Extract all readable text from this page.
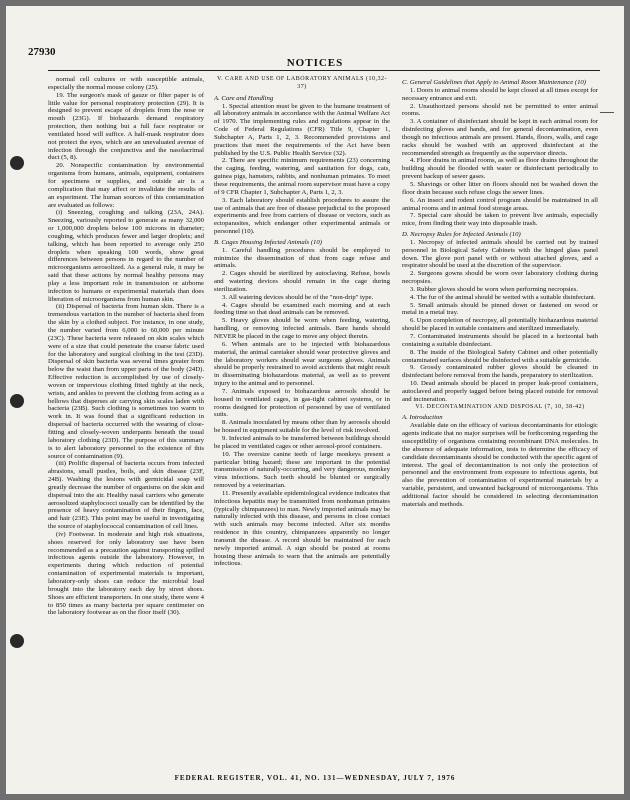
27930
NOTICES

normal cell cultures or with susceptible animals, especially the normal mouse colony (25).

19. The surgeon's mask of gauze or filter paper is of little value for personal respiratory protection (29). It is designed to prevent escape of droplets from the nose or mouth (23G). If biohazards demand respiratory protection, then nothing but a full face respirator or ventilated hood will suffice. A half-mask respirator does not protect the eyes, which are an unevaluated avenue of infection through the conjunctiva and the nasolacrimal duct (5, 8).

20. Nonspecific contamination by environmental organisms from humans, animals, equipment, containers for specimens or supplies, and outside air is a complication that may affect or invalidate the results of an experiment. The human sources of this contamination are evaluated as follows:

(i) Sneezing, coughing and talking (23A, 24A). Sneezing, variously reported to generate as many 32,000 or 1,000,000 droplets below 100 microns in diameter; coughing, which produces fewer and larger droplets; and talking, which has been reported to average only 250 droplets when speaking 100 words, show great differences between persons in regard to the number of microorganisms aerosolized. As a general rule, it may be said that these actions by normal healthy persons may play a less important role in transmission or airborne infection to humans or experimental materials than does liberation of microorganisms from human skin.

(ii) Dispersal of bacteria from human skin. There is a tremendous variation in the number of bacteria shed from the skin by a clothed subject. For instance, in one study, the number varied from 6,000 to 60,000 per minute (23C). These bacteria were released on skin scales which were of a size that could penetrate the coarse fabric used for the laboratory and surgical clothing in the test (23D). Dispersal of skin bacteria was several times greater from below the waist than from upper parts of the body (24D). Effective reduction is accomplished by use of closely-woven or impervious clothing fitted tightly at the neck, wrists, and ankles to prevent the clothing from acting as a bellows that disperses air carrying skin scales laden with bacteria (23B). Such clothing is sometimes too warm to work in. It was found that a significant reduction in dispersal of bacteria occurred with the wearing of close-fitting and closely-woven underpants beneath the usual laboratory clothing (23D). The purpose of this summary is to alert laboratory personnel to the existence of this source of contamination (9).

(iii) Prolific dispersal of bacteria occurs from infected abrasions, small pustles, boils, and skin disease (23F, 24B). Washing the lesions with germicidal soap will greatly decrease the number of organisms on the skin and dispersal into the air. Healthy nasal carriers who generate aerosolized staphylococci usually can be identified by the presence of heavy contamination of their fingers, face, and hair (23E). This point may be useful in investigating the source of staphylococcal contamination of cell lines.

(iv) Footwear. In moderate and high risk situations, shoes reserved for only laboratory use have been recommended as a precaution against transporting spilled infectious agents outside the laboratory. However, in experiments during which reduction of potential contamination of experimental materials is important, laboratory-only shoes can reduce the microbial load brought into the laboratory each day by street shoes. Shoes are efficient transporters. In one study, there were 4 to 850 times as many bacteria per square centimeter on the laboratory footwear as on the floor itself (30).

V. CARE AND USE OF LABORATORY ANIMALS (10,32-37)

A. Care and Handling

1. Special attention must be given to the humane treatment of all laboratory animals in accordance with the Animal Welfare Act of 1970. The implementing rules and regulations appear in the Code of Federal Regulations (CFR) Title 9, Chapter 1, Subchapter A, Parts 1, 2, 3. Recommended provisions and practices that meet the requirements of the Act have been published by the U.S. Public Health Service (32).

2. There are specific minimum requirements (23) concerning the caging, feeding, watering, and sanitation for dogs, cats, guinea pigs, hamsters, rabbits, and nonhuman primates. To meet these requirements, the animal room supervisor must have a copy of 9 CFR Chapter 1, Subchapter A, Parts 1, 2, 3.

3. Each laboratory should establish procedures to assure the use of animals that are free of disease prejudicial to the proposed experiments and free from carriers of disease or vectors, such as ectoparasites, which endanger other experimental animals or personnel (10).

B. Cages Housing Infected Animals (10)

1. Careful handling procedures should be employed to minimize the dissemination of dust from cage refuse and animals.

2. Cages should be sterilized by autoclaving. Refuse, bowls and watering devices should remain in the cage during sterilization.

3. All watering devices should be of the "non-drip" type.

4. Cages should be examined each morning and at each feeding time so that dead animals can be removed.

5. Heavy gloves should be worn when feeding, watering, handling, or removing infected animals. Bare hands should NEVER be placed in the cage to move any object therein.

6. When animals are to be injected with biohazardous material, the animal caretaker should wear protective gloves and the laboratory workers should wear surgeons gloves. Animals should be properly restrained to avoid accidents that might result in disseminating biohazardous material, as well as to prevent injury to the animal and to personnel.

7. Animals exposed to biohazardous aerosols should be housed in ventilated cages, in gas-tight cabinet systems, or in rooms designed for protection of personnel by use of ventilated suits.

8. Animals inoculated by means other than by aerosols should be housed in equipment suitable for the level of risk involved.

9. Infected animals to be transferred between buildings should be placed in ventilated cages or other aerosol-proof containers.

10. The oversize canine teeth of large monkeys present a particular biting hazard; these are important in the potential transmission of naturally-occurring, and very dangerous, monkey virus infections. Such teeth should be blunted or surgically removed by a veterinarian.

11. Presently available epidemiological evidence indicates that infectious hepatitis may be transmitted from nonhuman primates (typically chimpanzees) to man. Newly imported animals may be naturally infected with this disease, and persons in close contact with such animals may become infected. After six months residence in this country, chimpanzees apparently no longer transmit the disease. A record should be maintained for each newly imported animal. A sign should be posted at rooms housing these animals to warn that the animals are potentially infectious.

C. General Guidelines that Apply to Animal Room Maintenance (10)

1. Doors to animal rooms should be kept closed at all times except for necessary entrance and exit.

2. Unauthorized persons should not be permitted to enter animal rooms.

3. A container of disinfectant should be kept in each animal room for disinfecting gloves and hands, and for general decontamination, even though no infectious animals are present. Hands, floors, walls, and cage racks should be washed with an approved disinfectant at the recommended strength as frequently as the supervisor directs.

4. Floor drains in animal rooms, as well as floor drains throughout the building should be flooded with water or disinfectant periodically to prevent backup of sewer gases.

5. Shavings or other litter on floors should not be washed down the floor drain because such refuse clogs the sewer lines.

6. An insect and rodent control program should be maintained in all animal rooms and in animal food storage areas.

7. Special care should be taken to prevent live animals, especially mice, from finding their way into disposable trash.

D. Necropsy Rules for Infected Animals (10)

1. Necropsy of infected animals should be carried out by trained personnel in Biological Safety Cabinets with the hinged glass panel down. The glove port panel with or without attached gloves, and a respirator should be used at the discretion of the supervisor.

2. Surgeons gowns should be worn over laboratory clothing during necropsies.

3. Rubber gloves should be worn when performing necropsies.

4. The fur of the animal should be wetted with a suitable disinfectant.

5. Small animals should be pinned down or fastened on wood or metal in a metal tray.

6. Upon completion of necropsy, all potentially biohazardous material should be placed in suitable containers and sterilized immediately.

7. Contaminated instruments should be placed in a horizontal bath containing a suitable disinfectant.

8. The inside of the Biological Safety Cabinet and other potentially contaminated surfaces should be disinfected with a suitable germicide.

9. Grossly contaminated rubber gloves should be cleaned in disinfectant before removal from the hands, preparatory to sterilization.

10. Dead animals should be placed in proper leak-proof containers, autoclaved and properly tagged before being placed outside for removal and incineration.

VI. DECONTAMINATION AND DISPOSAL (7, 10, 38-42)

A. Introduction

Available date on the efficacy of various decontaminants for etiologic agents indicate that no major surprises will be forthcoming regarding the susceptibility of organisms containing recombinant DNA molecules. In the absence of adequate information, tests to determine the efficacy of candidate decontaminants should be conducted with the specific agent of interest. The goal of decontamination is not only the protection of personnel and the environment from exposure to infectious agents, but also the prevention of contamination of experimental materials by a variable, persistent, and unwanted background of microorganisms. This additional factor should be considered in selecting decontamination materials and methods.

FEDERAL REGISTER, VOL. 41, NO. 131—WEDNESDAY, JULY 7, 1976
